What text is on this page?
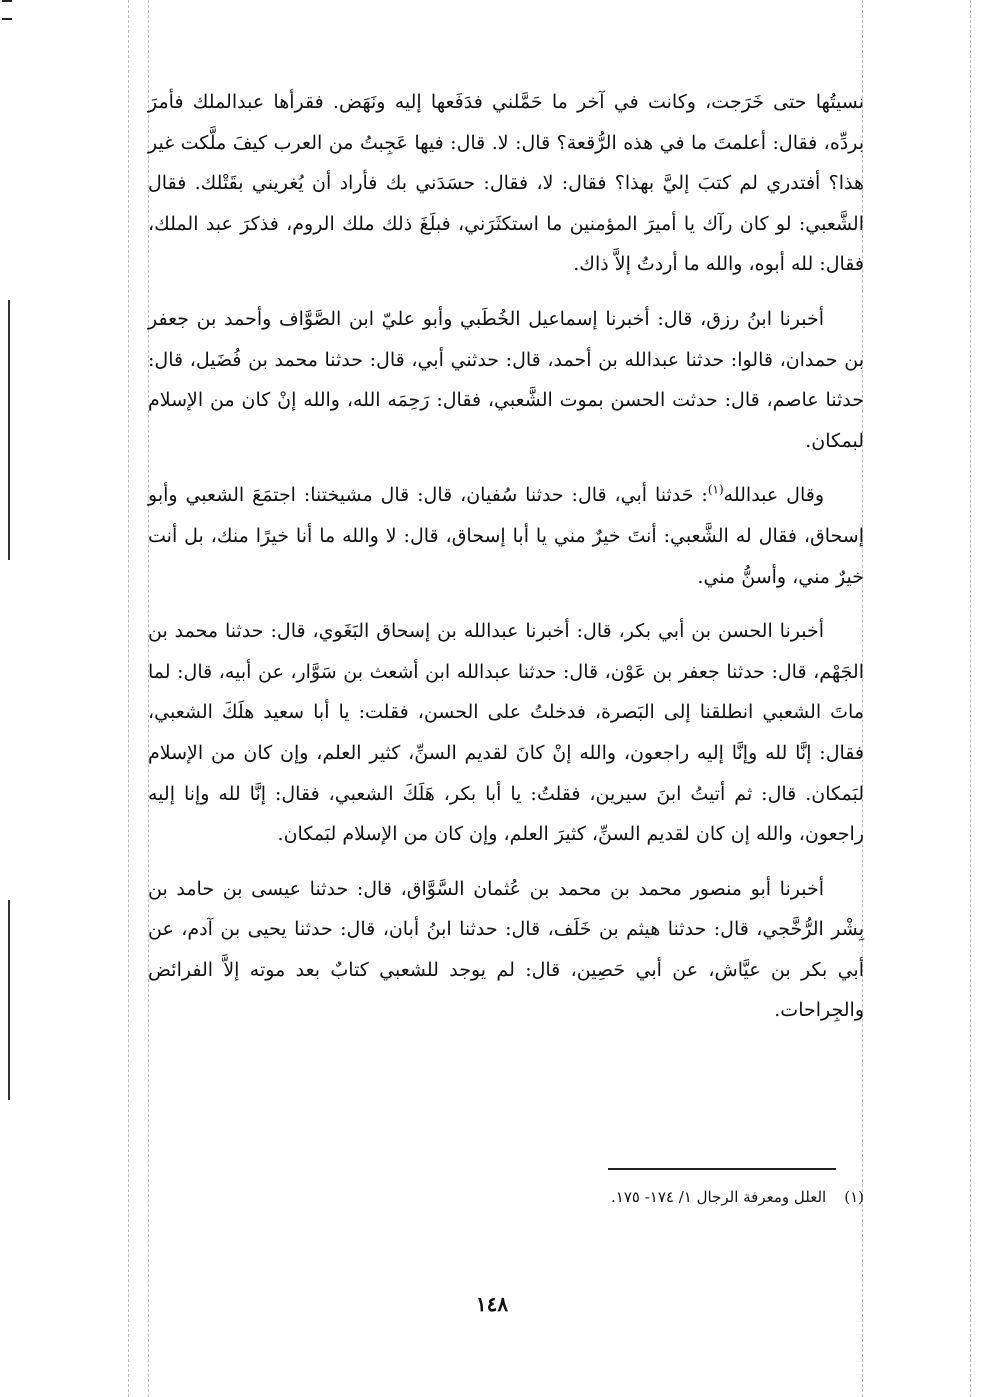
نسيتُها حتى خَرَجت، وكانت في آخر ما حَمَّلني فدَفَعها إليه ونَهَض. فقرأها عبدالملك فأمرَ بردِّه، فقال: أعلمتَ ما في هذه الرُّقعة؟ قال: لا. قال: فيها عَجِبتُ من العرب كيفَ ملَّكت غير هذا؟ أفتدري لم كتبَ إليَّ بهذا؟ فقال: لا، فقال: حسَدَني بك فأراد أن يُغريني بقَتْلك. فقال الشَّعبي: لو كان رآك يا أميرَ المؤمنين ما استكثَرَني، فبلَغَ ذلك ملك الروم، فذكرَ عبد الملك، فقال: لله أبوه، والله ما أردتُ إلاَّ ذاك.

أخبرنا ابنُ رزق، قال: أخبرنا إسماعيل الخُطَبي وأبو عليّ ابن الصَّوَّاف وأحمد بن جعفر بن حمدان، قالوا: حدثنا عبدالله بن أحمد، قال: حدثني أبي، قال: حدثنا محمد بن فُضَيل، قال: حدثنا عاصم، قال: حدثت الحسن بموت الشَّعبي، فقال: رَحِمَه الله، والله إنْ كان من الإسلام لبمكان.

وقال عبدالله$^{(١)}$: حَدثنا أبي، قال: حدثنا سُفيان، قال: قال مشيختنا: اجتمَعَ الشعبي وأبو إسحاق، فقال له الشَّعبي: أنتَ خيرٌ مني يا أبا إسحاق، قال: لا والله ما أنا خيرًا منك، بل أنت خيرٌ مني، وأسنُّ مني.

أخبرنا الحسن بن أبي بكر، قال: أخبرنا عبدالله بن إسحاق البَغَوي، قال: حدثنا محمد بن الجَهْم، قال: حدثنا جعفر بن عَوْن، قال: حدثنا عبدالله ابن أشعث بن سَوَّار، عن أبيه، قال: لما ماتَ الشعبي انطلقنا إلى البَصرة، فدخلتُ على الحسن، فقلت: يا أبا سعيد هلَكَ الشعبي، فقال: إنَّا لله وإنَّا إليه راجعون، والله إنْ كانَ لقديم السنِّ، كثير العلم، وإن كان من الإسلام لبَمكان. قال: ثم أتيتُ ابنَ سيرين، فقلتُ: يا أبا بكر، هَلَكَ الشعبي، فقال: إنَّا لله وإنا إليه راجعون، والله إن كان لقديم السنِّ، كثيرَ العلم، وإن كان من الإسلام لبَمكان.

أخبرنا أبو منصور محمد بن محمد بن عُثمان السَّوَّاق، قال: حدثنا عيسى بن حامد بن بِشْر الرُّخَّجي، قال: حدثنا هيثم بن خَلَف، قال: حدثنا ابنُ أبان، قال: حدثنا يحيى بن آدم، عن أبي بكر بن عيَّاش، عن أبي حَصِين، قال: لم يوجد للشعبي كتابٌ بعد موته إلاَّ الفرائض والجِراحات.

(١)العلل ومعرفة الرجال ١/ ١٧٤- ١٧٥.
١٤٨
